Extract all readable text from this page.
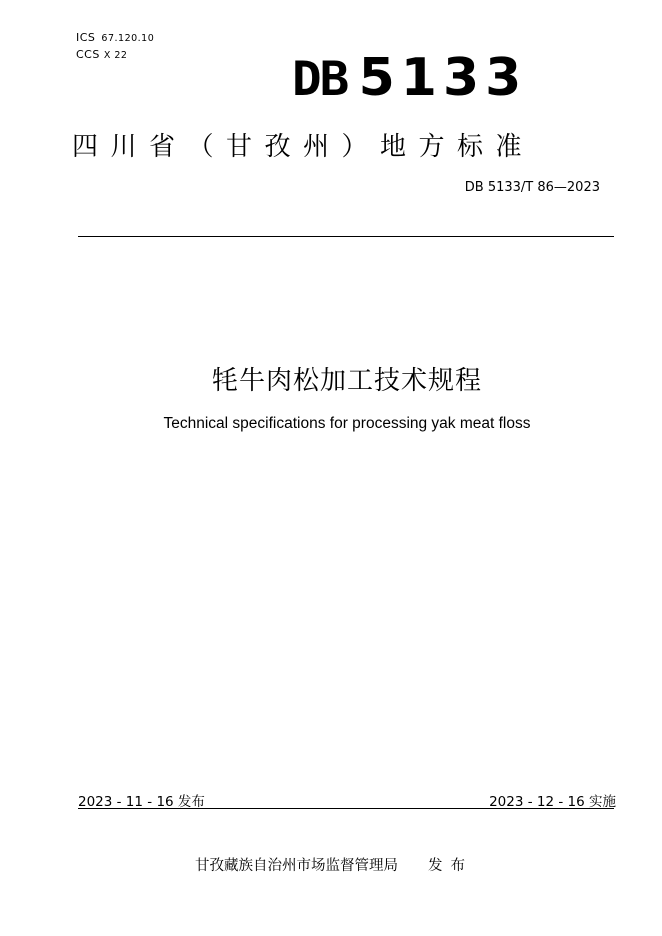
ICS 67.120.10
CCS X 22	DB 5133
四川省（甘孜州）地方标准
DB 5133/T 86—2023
牦牛肉松加工技术规程
Technical specifications for processing yak meat floss
2023 - 11 - 16 发布	2023 - 12 - 16 实施
甘孜藏族自治州市场监督管理局 发布
